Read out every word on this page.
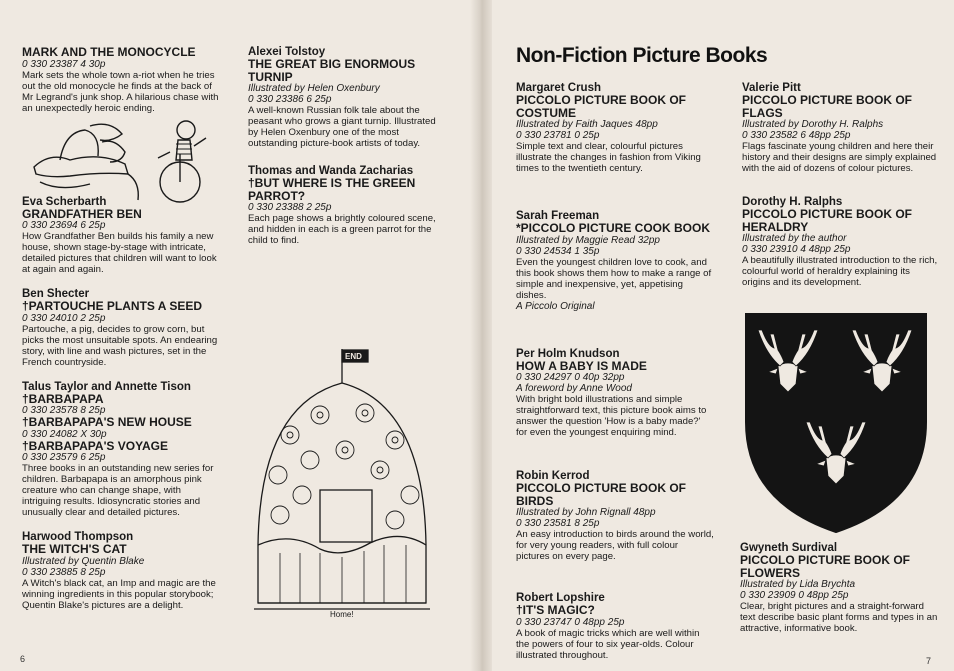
MARK AND THE MONOCYCLE
0 330 23387 4 30p
Mark sets the whole town a-riot when he tries out the old monocycle he finds at the back of Mr Legrand's junk shop. A hilarious chase with an unexpectedly heroic ending.
Eva Scherbarth
GRANDFATHER BEN
0 330 23694 6 25p
How Grandfather Ben builds his family a new house, shown stage-by-stage with intricate, detailed pictures that children will want to look at again and again.
Ben Shecter
†PARTOUCHE PLANTS A SEED
0 330 24010 2 25p
Partouche, a pig, decides to grow corn, but picks the most unsuitable spots. An endearing story, with line and wash pictures, set in the French countryside.
Talus Taylor and Annette Tison
†BARBAPAPA
0 330 23578 8 25p
†BARBAPAPA'S NEW HOUSE
0 330 24082 X 30p
†BARBAPAPA'S VOYAGE
0 330 23579 6 25p
Three books in an outstanding new series for children. Barbapapa is an amorphous pink creature who can change shape, with intriguing results. Idiosyncratic stories and unusually clear and detailed pictures.
Harwood Thompson
THE WITCH'S CAT
Illustrated by Quentin Blake
0 330 23885 8 25p
A Witch's black cat, an Imp and magic are the winning ingredients in this popular storybook; Quentin Blake's pictures are a delight.
Alexei Tolstoy
THE GREAT BIG ENORMOUS TURNIP
Illustrated by Helen Oxenbury
0 330 23386 6 25p
A well-known Russian folk tale about the peasant who grows a giant turnip. Illustrated by Helen Oxenbury one of the most outstanding picture-book artists of today.
Thomas and Wanda Zacharias
†BUT WHERE IS THE GREEN PARROT?
0 330 23388 2 25p
Each page shows a brightly coloured scene, and hidden in each is a green parrot for the child to find.
END
Home!
6
Non-Fiction Picture Books
Margaret Crush
PICCOLO PICTURE BOOK OF COSTUME
Illustrated by Faith Jaques 48pp
0 330 23781 0 25p
Simple text and clear, colourful pictures illustrate the changes in fashion from Viking times to the twentieth century.
Sarah Freeman
*PICCOLO PICTURE COOK BOOK
Illustrated by Maggie Read 32pp
0 330 24534 1 35p
Even the youngest children love to cook, and this book shows them how to make a range of simple and inexpensive, yet, appetising dishes.
A Piccolo Original
Per Holm Knudson
HOW A BABY IS MADE
0 330 24297 0 40p 32pp
A foreword by Anne Wood
With bright bold illustrations and simple straightforward text, this picture book aims to answer the question 'How is a baby made?' for even the youngest enquiring mind.
Robin Kerrod
PICCOLO PICTURE BOOK OF BIRDS
Illustrated by John Rignall 48pp
0 330 23581 8 25p
An easy introduction to birds around the world, for very young readers, with full colour pictures on every page.
Robert Lopshire
†IT'S MAGIC?
0 330 23747 0 48pp 25p
A book of magic tricks which are well within the powers of four to six year-olds. Colour illustrated throughout.
Valerie Pitt
PICCOLO PICTURE BOOK OF FLAGS
Illustrated by Dorothy H. Ralphs
0 330 23582 6 48pp 25p
Flags fascinate young children and here their history and their designs are simply explained with the aid of dozens of colour pictures.
Dorothy H. Ralphs
PICCOLO PICTURE BOOK OF HERALDRY
Illustrated by the author
0 330 23910 4 48pp 25p
A beautifully illustrated introduction to the rich, colourful world of heraldry explaining its origins and its development.
Gwyneth Surdival
PICCOLO PICTURE BOOK OF FLOWERS
Illustrated by Lida Brychta
0 330 23909 0 48pp 25p
Clear, bright pictures and a straight-forward text describe basic plant forms and types in an attractive, informative book.
7
